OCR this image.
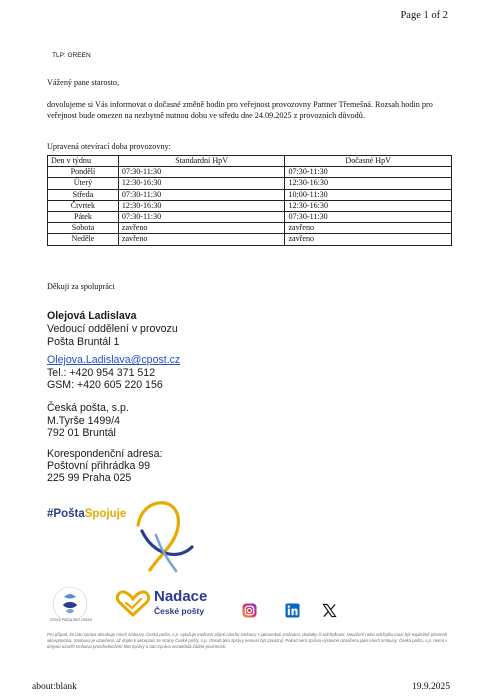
Page 1 of 2
TLP: GREEN
Vážený pane starosto,
dovolujeme si Vás informovat o dočasné změně hodin pro veřejnost provozovny Partner Třemešná. Rozsah hodin pro veřejnost bude omezen na nezbytně nutnou dobu ve středu dne 24.09.2025 z provozních důvodů.
Upravená otevírací doba provozovny:
Den v týdnu	Standardní HpV	Dočasné HpV
Pondělí	07:30-11:30	07:30-11:30
Úterý	12:30-16:30	12:30-16:30
Středa	07:30-11:30	10:00-11:30
Čtvrtek	12:30-16:30	12:30-16:30
Pátek	07:30-11:30	07:30-11:30
Sobota	zavřeno	zavřeno
Neděle	zavřeno	zavřeno
Děkuji za spolupráci
Olejová Ladislava
Vedoucí oddělení v provozu
Pošta Bruntál 1
Olejova.Ladislava@cpost.cz
Tel.: +420 954 371 512
GSM: +420 605 220 156
Česká pošta, s.p.
M.Tyrše 1499/4
792 01 Bruntál
Korespondenční adresa:
Poštovní přihrádka 99
225 99 Praha 025
#PoštaSpojuje
ČESKÁ POŠTA PRO ZDRAVÍ
Nadace
České pošty
Pro případ, že tato zpráva obsahuje návrh smlouvy, Česká pošta, s.p. vylučuje možnost přijetí návrhu smlouvy s jakoumkoli změnami, dodatky či odchylkami. Neurčení nebo odchylka musí být explicitně písemně akceptována. Smlouva je uzavřena, až dojde k akceptaci ze strany České pošty, s.p. Obsah této zprávy nemusí být závazný. Pokud není zpráva výslovně označena jako návrh smlouvy, Česká pošta, s.p. nemá v úmyslu uzavřít smlouvu prostřednictvím této zprávy a tato zpráva nezakládá žádné povinnosti.
about:blank	19.9.2025
